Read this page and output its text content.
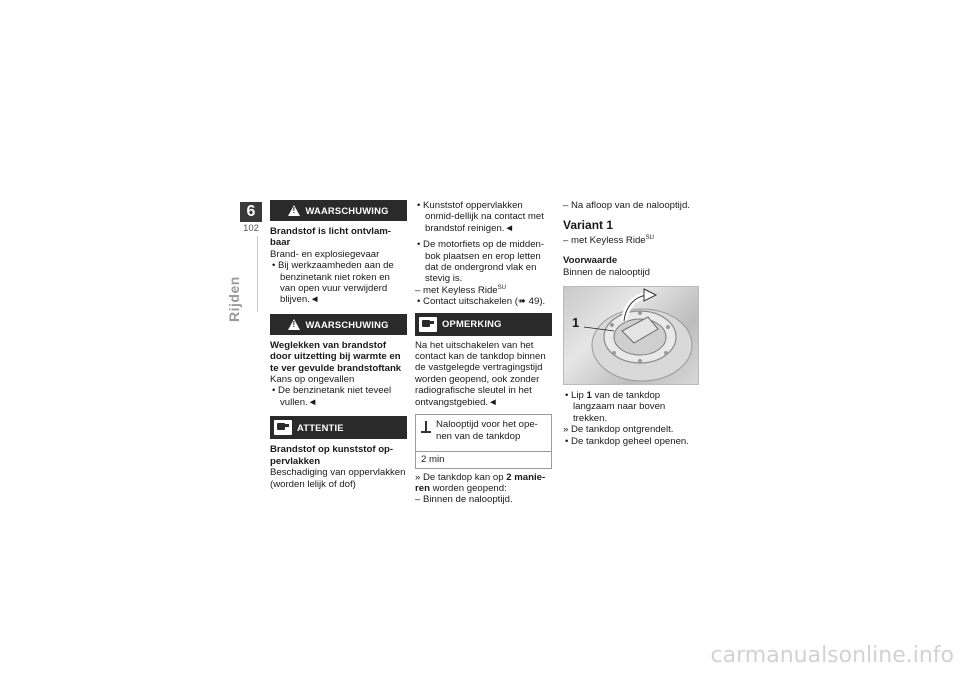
6
102
Rijden
!
WAARSCHUWING
Brandstof is licht ontvlam-baar

Brand- en explosiegevaar

• Bij werkzaamheden aan de benzinetank niet roken en van open vuur verwijderd blijven.◄

!
WAARSCHUWING
Weglekken van brandstof door uitzetting bij warmte en te ver gevulde brandstoftank

Kans op ongevallen

• De benzinetank niet teveel vullen.◄

ATTENTIE
Brandstof op kunststof op-pervlakken

Beschadiging van oppervlakken (worden lelijk of dof)

• Kunststof oppervlakken onmid-dellijk na contact met brandstof reinigen.◄

• De motorfiets op de midden-bok plaatsen en erop letten dat de ondergrond vlak en stevig is.

– met Keyless Ride$^{SU}$

• Contact uitschakelen (➠ 49).

OPMERKING

Na het uitschakelen van het contact kan de tankdop binnen de vastgelegde vertragingstijd worden geopend, ook zonder radiografische sleutel in het ontvangstgebied.◄

Nalooptijd voor het ope-nen van de tankdop
2 min

» De tankdop kan op 2 manie-ren worden geopend:

– Binnen de nalooptijd.

– Na afloop van de nalooptijd.

Variant 1

– met Keyless Ride$^{SU}$

Voorwaarde

Binnen de nalooptijd

1

• Lip 1 van de tankdop langzaam naar boven trekken.

» De tankdop ontgrendelt.

• De tankdop geheel openen.

carmanualsonline.info
